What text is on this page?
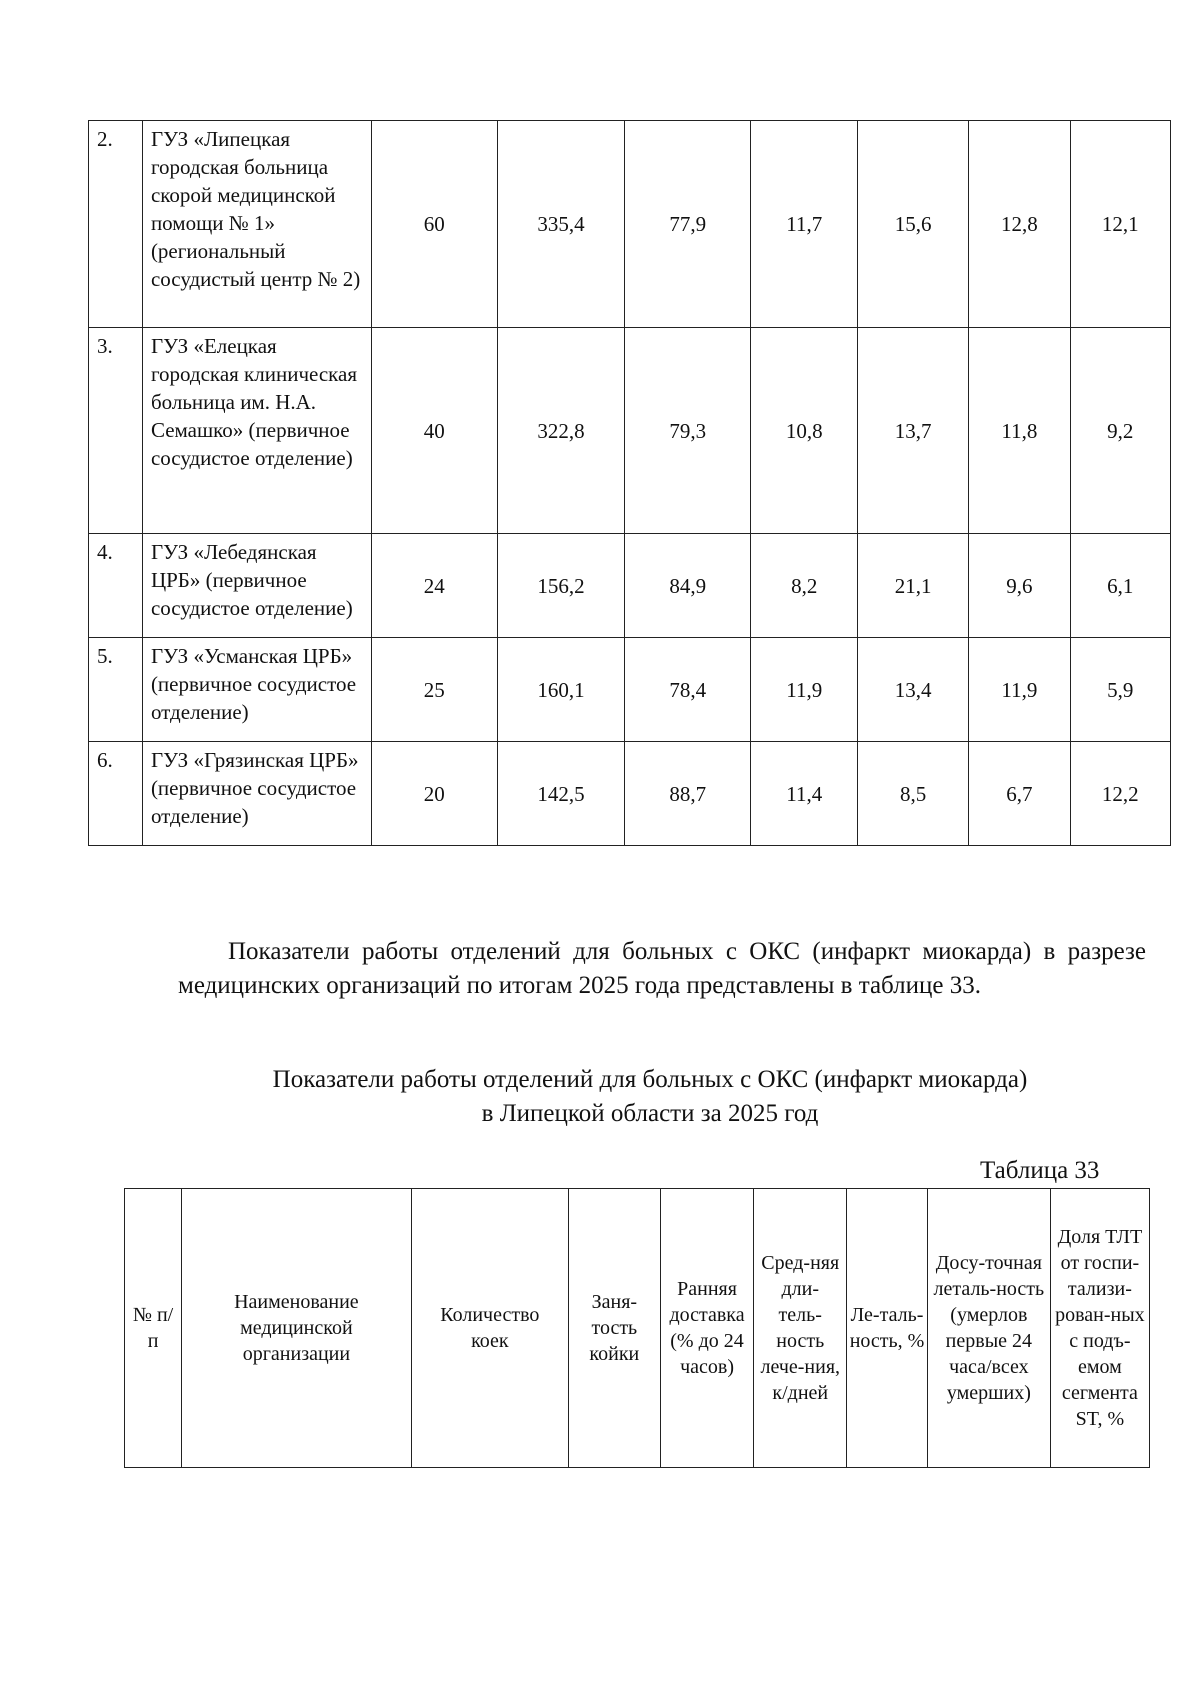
2.	ГУЗ «Липецкая городская больница скорой медицинской помощи № 1» (региональный сосудистый центр № 2)	60	335,4	77,9	11,7	15,6	12,8	12,1
3.	ГУЗ «Елецкая городская клиническая больница им. Н.А. Семашко» (первичное сосудистое отделение)	40	322,8	79,3	10,8	13,7	11,8	9,2
4.	ГУЗ «Лебедянская ЦРБ» (первичное сосудистое отделение)	24	156,2	84,9	8,2	21,1	9,6	6,1
5.	ГУЗ «Усманская ЦРБ» (первичное сосудистое отделение)	25	160,1	78,4	11,9	13,4	11,9	5,9
6.	ГУЗ «Грязинская ЦРБ» (первичное сосудистое отделение)	20	142,5	88,7	11,4	8,5	6,7	12,2

Показатели работы отделений для больных с ОКС (инфаркт миокарда) в разрезе медицинских организаций по итогам 2025 года представлены в таблице 33.

Показатели работы отделений для больных с ОКС (инфаркт миокарда)
в Липецкой области за 2025 год
Таблица 33
№ п/п	Наименование медицинской организации	Количество коек	Заня-тость койки	Ранняя доставка (% до 24 часов)	Сред-няя дли-тель-ность лече-ния, к/дней	Ле-таль-ность, %	Досу-точная леталь-ность (умерлов первые 24 часа/всех умерших)	Доля ТЛТ от госпи-тализи-рован-ных с подъ-емом сегмента ST, %
